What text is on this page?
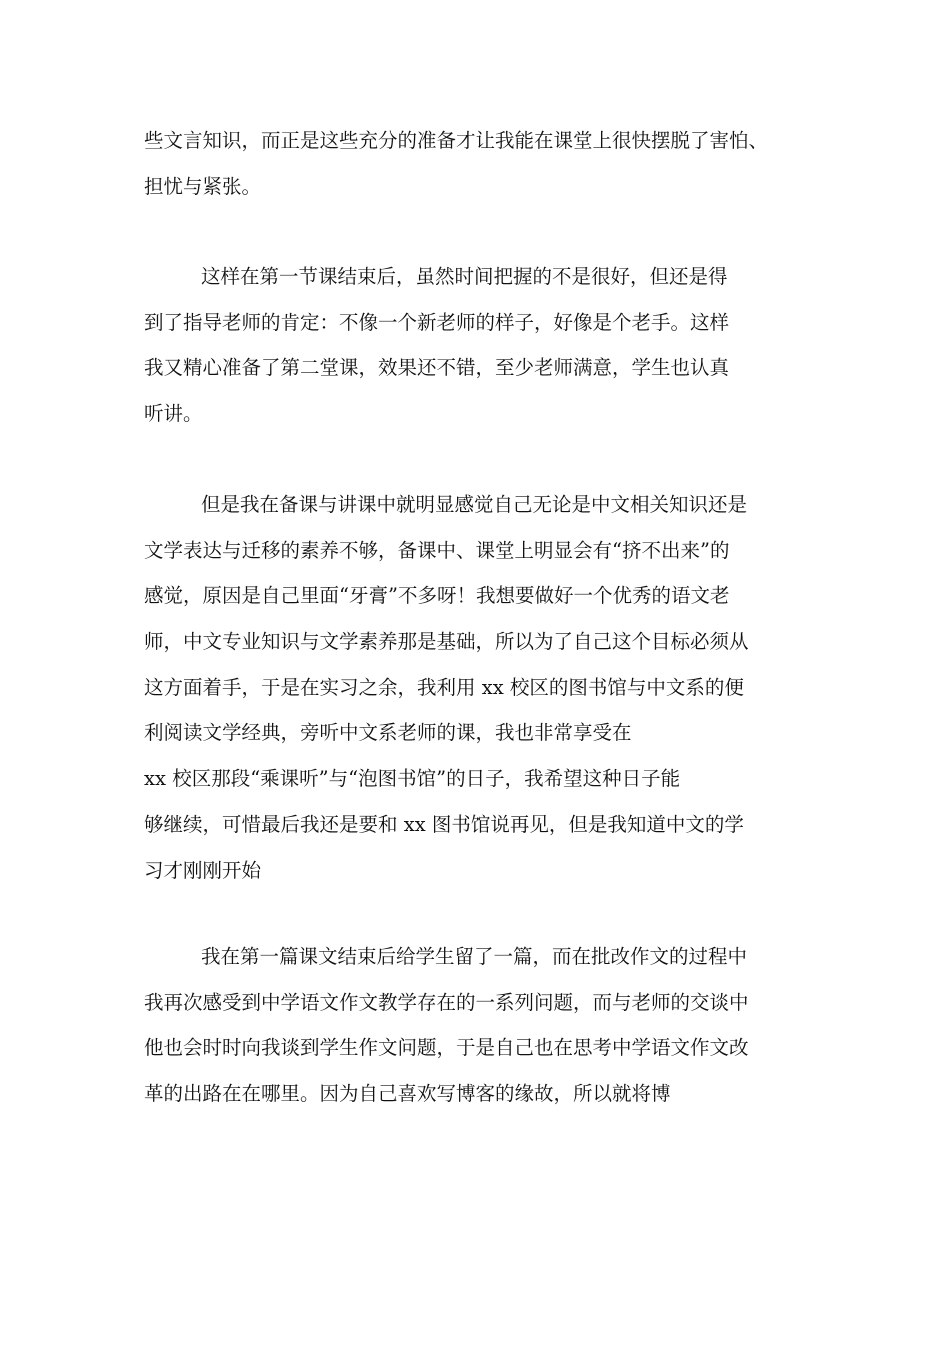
些文言知识，而正是这些充分的准备才让我能在课堂上很快摆脱了害怕、
担忧与紧张。
这样在第一节课结束后，虽然时间把握的不是很好，但还是得
到了指导老师的肯定：不像一个新老师的样子，好像是个老手。这样
我又精心准备了第二堂课，效果还不错，至少老师满意，学生也认真
听讲。
但是我在备课与讲课中就明显感觉自己无论是中文相关知识还是
文学表达与迁移的素养不够，备课中、课堂上明显会有“挤不出来”的
感觉，原因是自己里面“牙膏”不多呀！我想要做好一个优秀的语文老
师，中文专业知识与文学素养那是基础，所以为了自己这个目标必须从
这方面着手，于是在实习之余，我利用 xx 校区的图书馆与中文系的便
利阅读文学经典，旁听中文系老师的课，我也非常享受在
xx 校区那段“乘课听”与“泡图书馆”的日子，我希望这种日子能
够继续，可惜最后我还是要和 xx 图书馆说再见，但是我知道中文的学
习才刚刚开始
我在第一篇课文结束后给学生留了一篇，而在批改作文的过程中
我再次感受到中学语文作文教学存在的一系列问题，而与老师的交谈中
他也会时时向我谈到学生作文问题，于是自己也在思考中学语文作文改
革的出路在在哪里。因为自己喜欢写博客的缘故，所以就将博
